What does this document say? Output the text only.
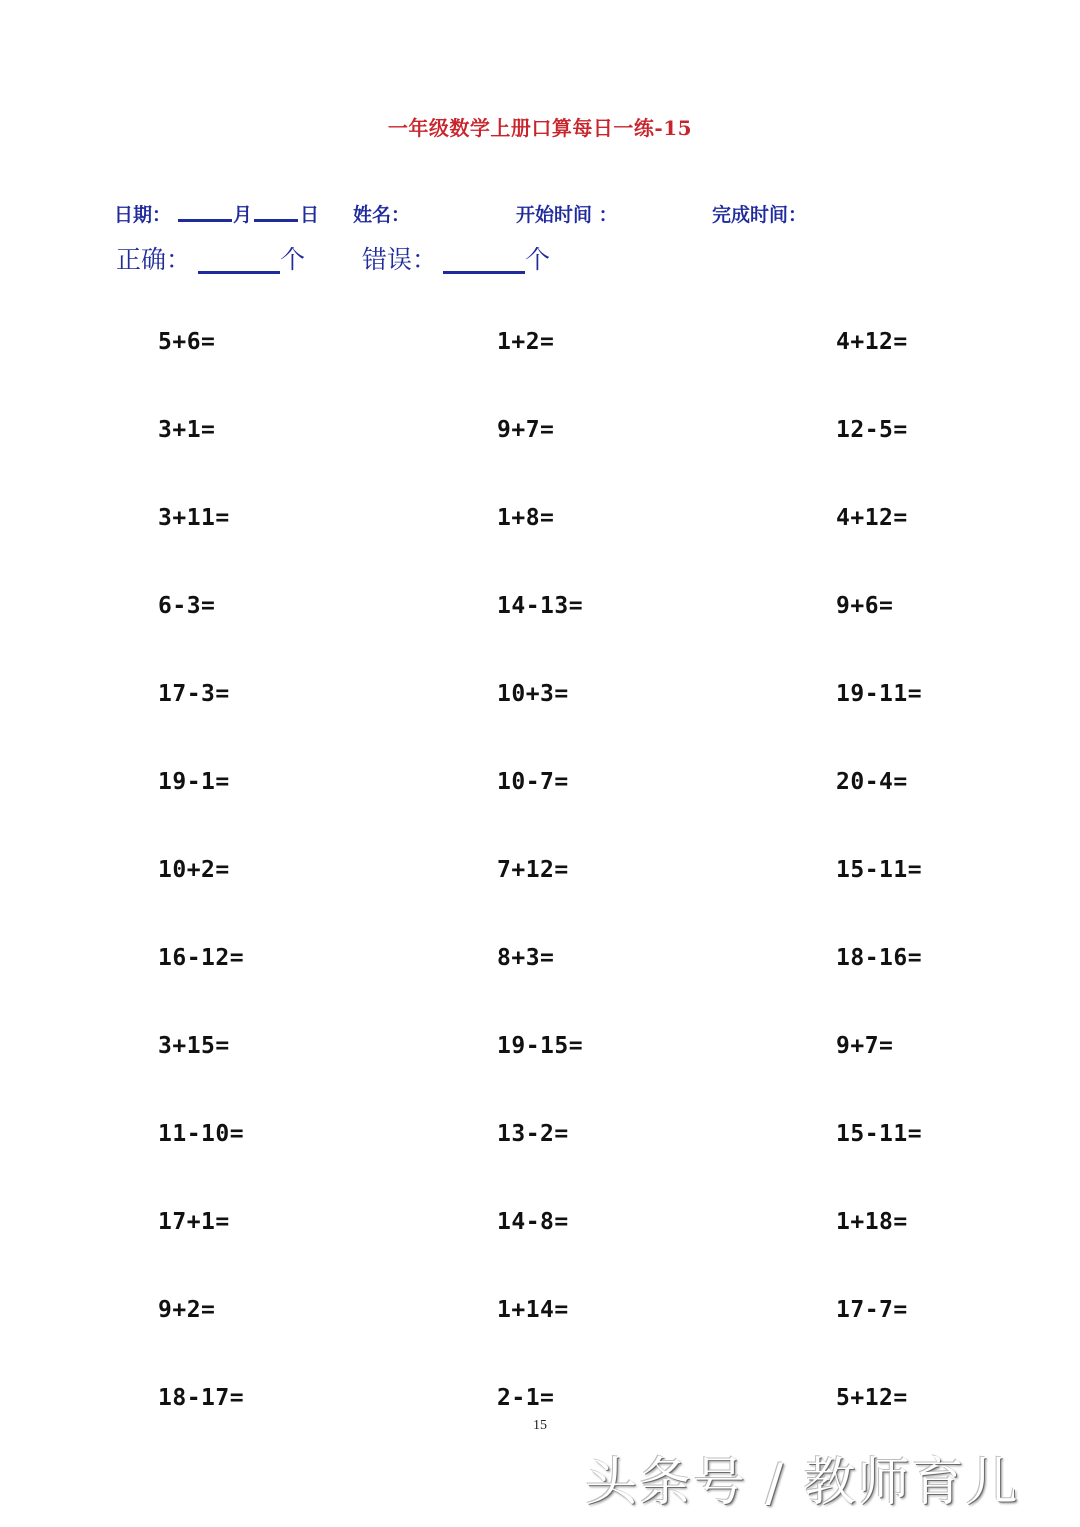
一年级数学上册口算每日一练-15
日期：	月	日 姓名：	开始时间 ：	完成时间：
正确：	个 错误：	个
5+6=	1+2=	4+12=
3+1=	9+7=	12-5=
3+11=	1+8=	4+12=
6-3=	14-13=	9+6=
17-3=	10+3=	19-11=
19-1=	10-7=	20-4=
10+2=	7+12=	15-11=
16-12=	8+3=	18-16=
3+15=	19-15=	9+7=
11-10=	13-2=	15-11=
17+1=	14-8=	1+18=
9+2=	1+14=	17-7=
18-17=	2-1=	5+12=
15
头条号 / 教师育儿
